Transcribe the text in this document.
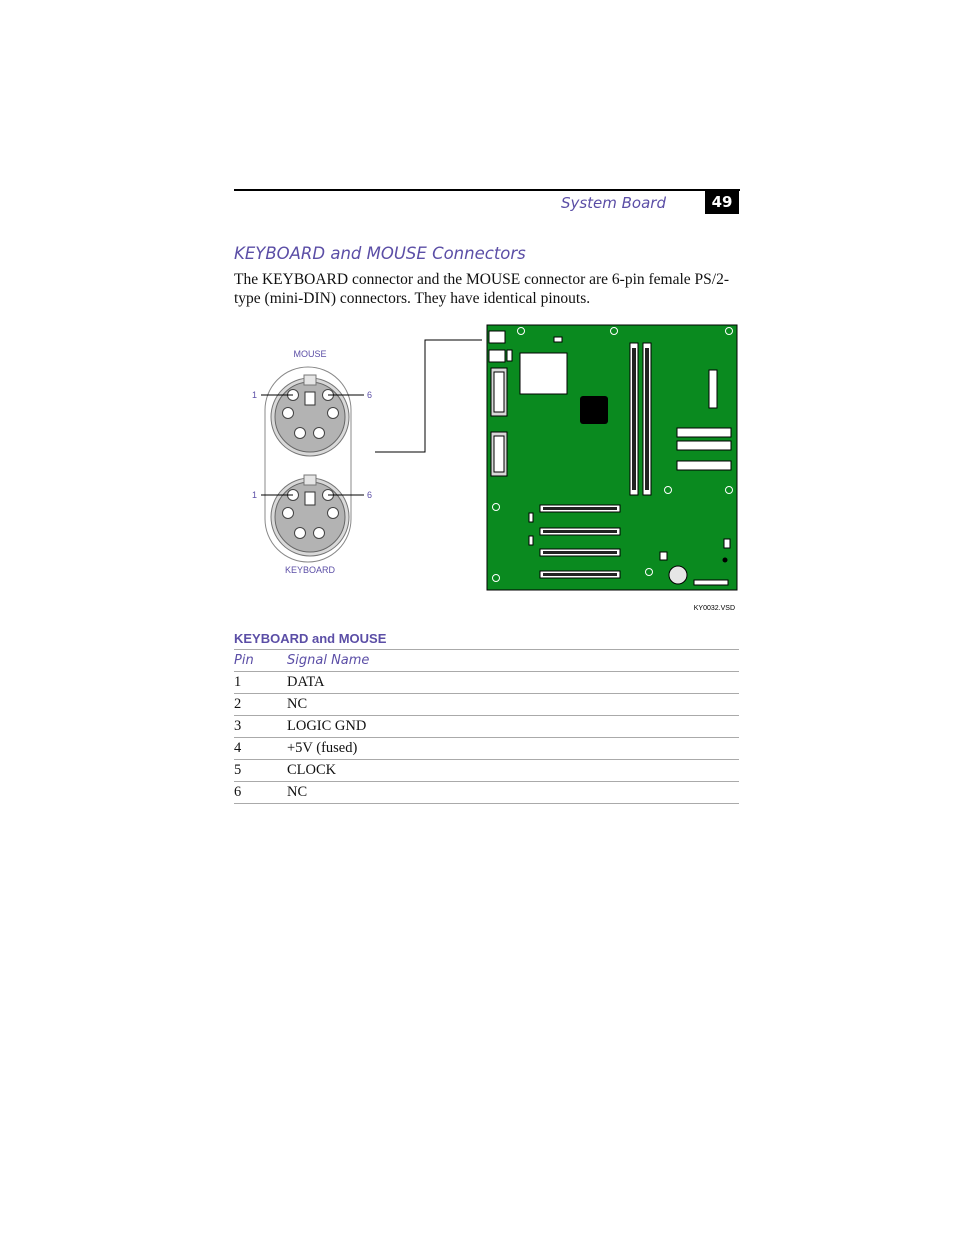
System Board	49
KEYBOARD and MOUSE Connectors
The KEYBOARD connector and the MOUSE connector are 6-pin female PS/2-type (mini-DIN) connectors. They have identical pinouts.
MOUSE
KEYBOARD
1	6
1	6
KY0032.VSD
KEYBOARD and MOUSE
Pin	Signal Name
1	DATA
2	NC
3	LOGIC GND
4	+5V (fused)
5	CLOCK
6	NC
